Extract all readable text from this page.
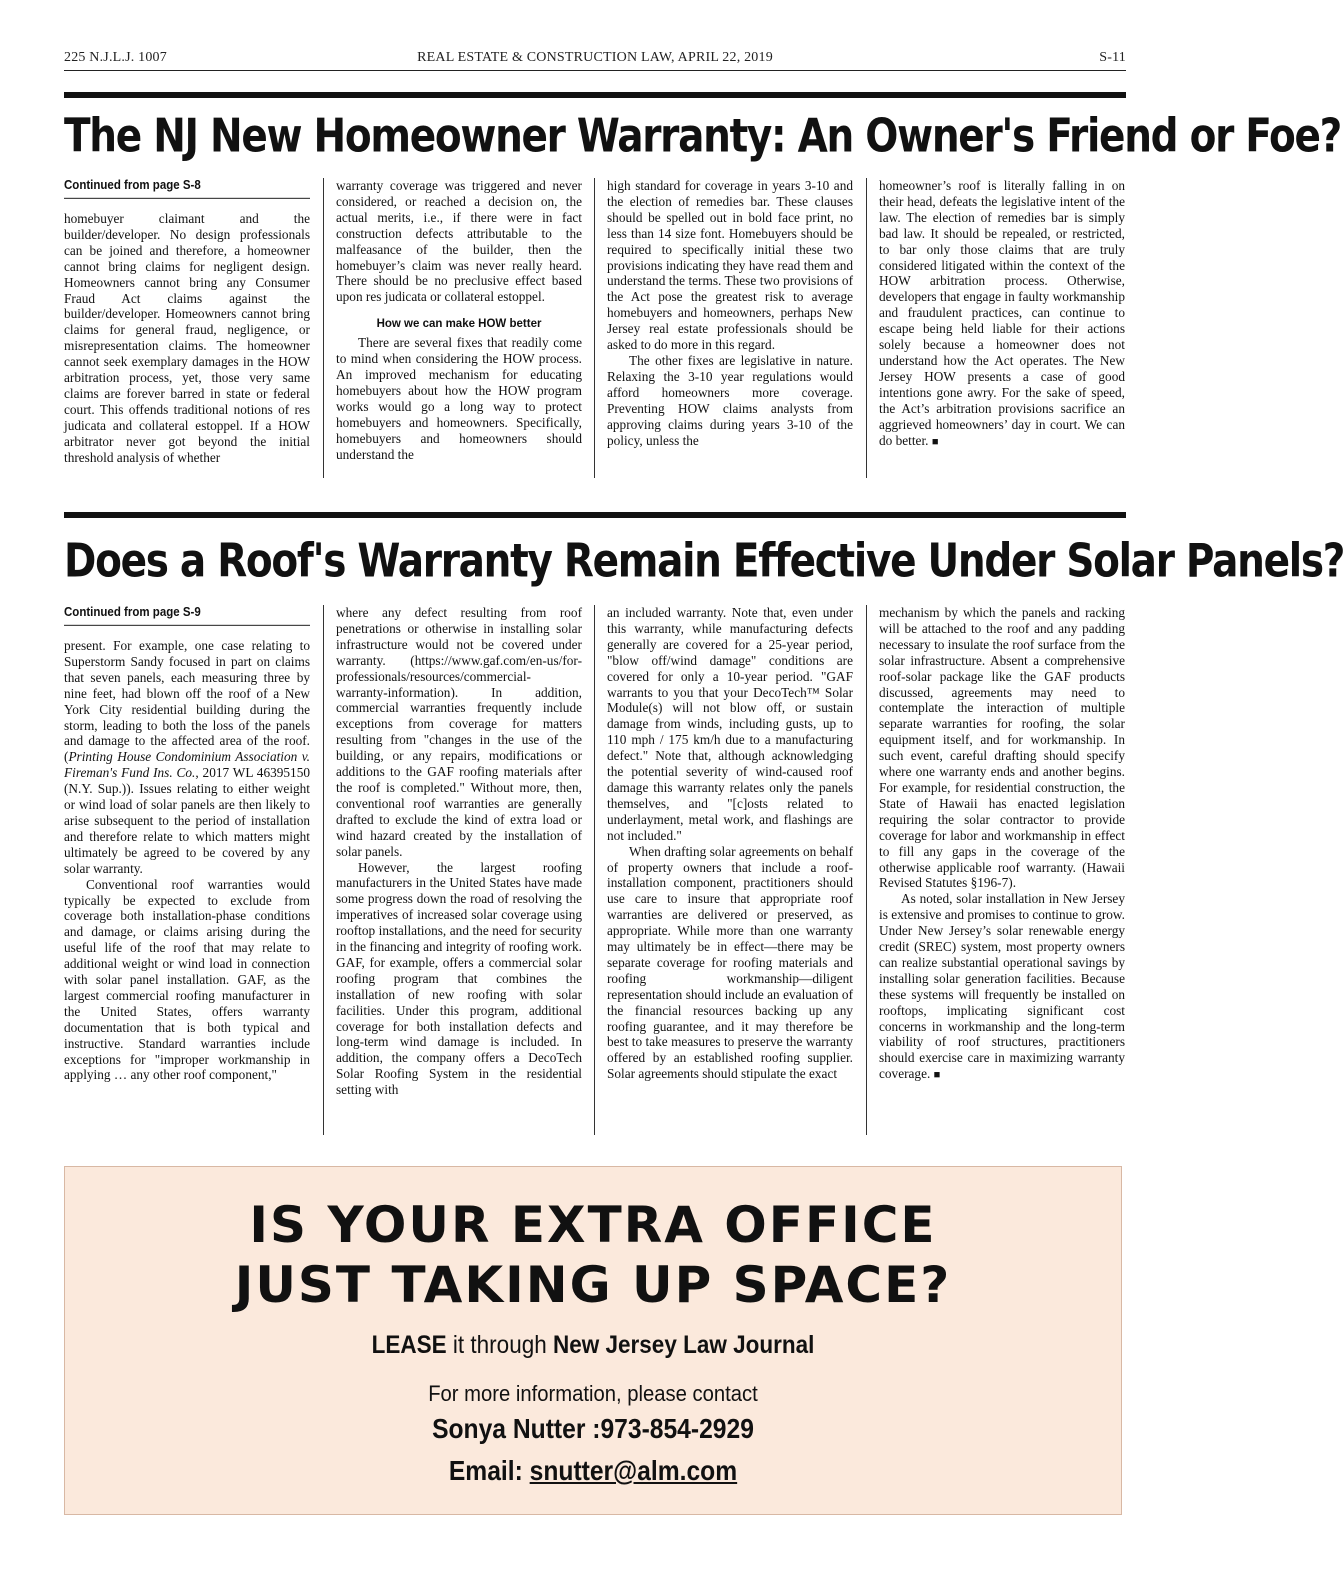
225 N.J.L.J. 1007	REAL ESTATE & CONSTRUCTION LAW, APRIL 22, 2019	S-11
The NJ New Homeowner Warranty: An Owner's Friend or Foe?
Continued from page S-8

homebuyer claimant and the builder/developer. No design professionals can be joined and therefore, a homeowner cannot bring claims for negligent design. Homeowners cannot bring any Consumer Fraud Act claims against the builder/developer. Homeowners cannot bring claims for general fraud, negligence, or misrepresentation claims. The homeowner cannot seek exemplary damages in the HOW arbitration process, yet, those very same claims are forever barred in state or federal court. This offends traditional notions of res judicata and collateral estoppel. If a HOW arbitrator never got beyond the initial threshold analysis of whether

warranty coverage was triggered and never considered, or reached a decision on, the actual merits, i.e., if there were in fact construction defects attributable to the malfeasance of the builder, then the homebuyer’s claim was never really heard. There should be no preclusive effect based upon res judicata or collateral estoppel.

How we can make HOW better

There are several fixes that readily come to mind when considering the HOW process. An improved mechanism for educating homebuyers about how the HOW program works would go a long way to protect homebuyers and homeowners. Specifically, homebuyers and homeowners should understand the

high standard for coverage in years 3-10 and the election of remedies bar. These clauses should be spelled out in bold face print, no less than 14 size font. Homebuyers should be required to specifically initial these two provisions indicating they have read them and understand the terms. These two provisions of the Act pose the greatest risk to average homebuyers and homeowners, perhaps New Jersey real estate professionals should be asked to do more in this regard.

The other fixes are legislative in nature. Relaxing the 3-10 year regulations would afford homeowners more coverage. Preventing HOW claims analysts from approving claims during years 3-10 of the policy, unless the

homeowner’s roof is literally falling in on their head, defeats the legislative intent of the law. The election of remedies bar is simply bad law. It should be repealed, or restricted, to bar only those claims that are truly considered litigated within the context of the HOW arbitration process. Otherwise, developers that engage in faulty workmanship and fraudulent practices, can continue to escape being held liable for their actions solely because a homeowner does not understand how the Act operates. The New Jersey HOW presents a case of good intentions gone awry. For the sake of speed, the Act’s arbitration provisions sacrifice an aggrieved homeowners’ day in court. We can do better. ■

Does a Roof's Warranty Remain Effective Under Solar Panels?
Continued from page S-9

present. For example, one case relating to Superstorm Sandy focused in part on claims that seven panels, each measuring three by nine feet, had blown off the roof of a New York City residential building during the storm, leading to both the loss of the panels and damage to the affected area of the roof. (Printing House Condominium Association v. Fireman's Fund Ins. Co., 2017 WL 46395150 (N.Y. Sup.)). Issues relating to either weight or wind load of solar panels are then likely to arise subsequent to the period of installation and therefore relate to which matters might ultimately be agreed to be covered by any solar warranty.

Conventional roof warranties would typically be expected to exclude from coverage both installation-phase conditions and damage, or claims arising during the useful life of the roof that may relate to additional weight or wind load in connection with solar panel installation. GAF, as the largest commercial roofing manufacturer in the United States, offers warranty documentation that is both typical and instructive. Standard warranties include exceptions for "improper workmanship in applying … any other roof component,"

where any defect resulting from roof penetrations or otherwise in installing solar infrastructure would not be covered under warranty. (https://www.gaf.com/en-us/for-professionals/resources/commercial-warranty-information). In addition, commercial warranties frequently include exceptions from coverage for matters resulting from "changes in the use of the building, or any repairs, modifications or additions to the GAF roofing materials after the roof is completed." Without more, then, conventional roof warranties are generally drafted to exclude the kind of extra load or wind hazard created by the installation of solar panels.

However, the largest roofing manufacturers in the United States have made some progress down the road of resolving the imperatives of increased solar coverage using rooftop installations, and the need for security in the financing and integrity of roofing work. GAF, for example, offers a commercial solar roofing program that combines the installation of new roofing with solar facilities. Under this program, additional coverage for both installation defects and long-term wind damage is included. In addition, the company offers a DecoTech Solar Roofing System in the residential setting with

an included warranty. Note that, even under this warranty, while manufacturing defects generally are covered for a 25-year period, "blow off/wind damage" conditions are covered for only a 10-year period. "GAF warrants to you that your DecoTech™ Solar Module(s) will not blow off, or sustain damage from winds, including gusts, up to 110 mph / 175 km/h due to a manufacturing defect." Note that, although acknowledging the potential severity of wind-caused roof damage this warranty relates only the panels themselves, and "[c]osts related to underlayment, metal work, and flashings are not included."

When drafting solar agreements on behalf of property owners that include a roof-installation component, practitioners should use care to insure that appropriate roof warranties are delivered or preserved, as appropriate. While more than one warranty may ultimately be in effect—there may be separate coverage for roofing materials and roofing workmanship—diligent representation should include an evaluation of the financial resources backing up any roofing guarantee, and it may therefore be best to take measures to preserve the warranty offered by an established roofing supplier. Solar agreements should stipulate the exact

mechanism by which the panels and racking will be attached to the roof and any padding necessary to insulate the roof surface from the solar infrastructure. Absent a comprehensive roof-solar package like the GAF products discussed, agreements may need to contemplate the interaction of multiple separate warranties for roofing, the solar equipment itself, and for workmanship. In such event, careful drafting should specify where one warranty ends and another begins. For example, for residential construction, the State of Hawaii has enacted legislation requiring the solar contractor to provide coverage for labor and workmanship in effect to fill any gaps in the coverage of the otherwise applicable roof warranty. (Hawaii Revised Statutes §196-7).

As noted, solar installation in New Jersey is extensive and promises to continue to grow. Under New Jersey’s solar renewable energy credit (SREC) system, most property owners can realize substantial operational savings by installing solar generation facilities. Because these systems will frequently be installed on rooftops, implicating significant cost concerns in workmanship and the long-term viability of roof structures, practitioners should exercise care in maximizing warranty coverage. ■

IS YOUR EXTRA OFFICE
JUST TAKING UP SPACE?
LEASE it through New Jersey Law Journal
For more information, please contact
Sonya Nutter :973-854-2929
Email: snutter@alm.com
